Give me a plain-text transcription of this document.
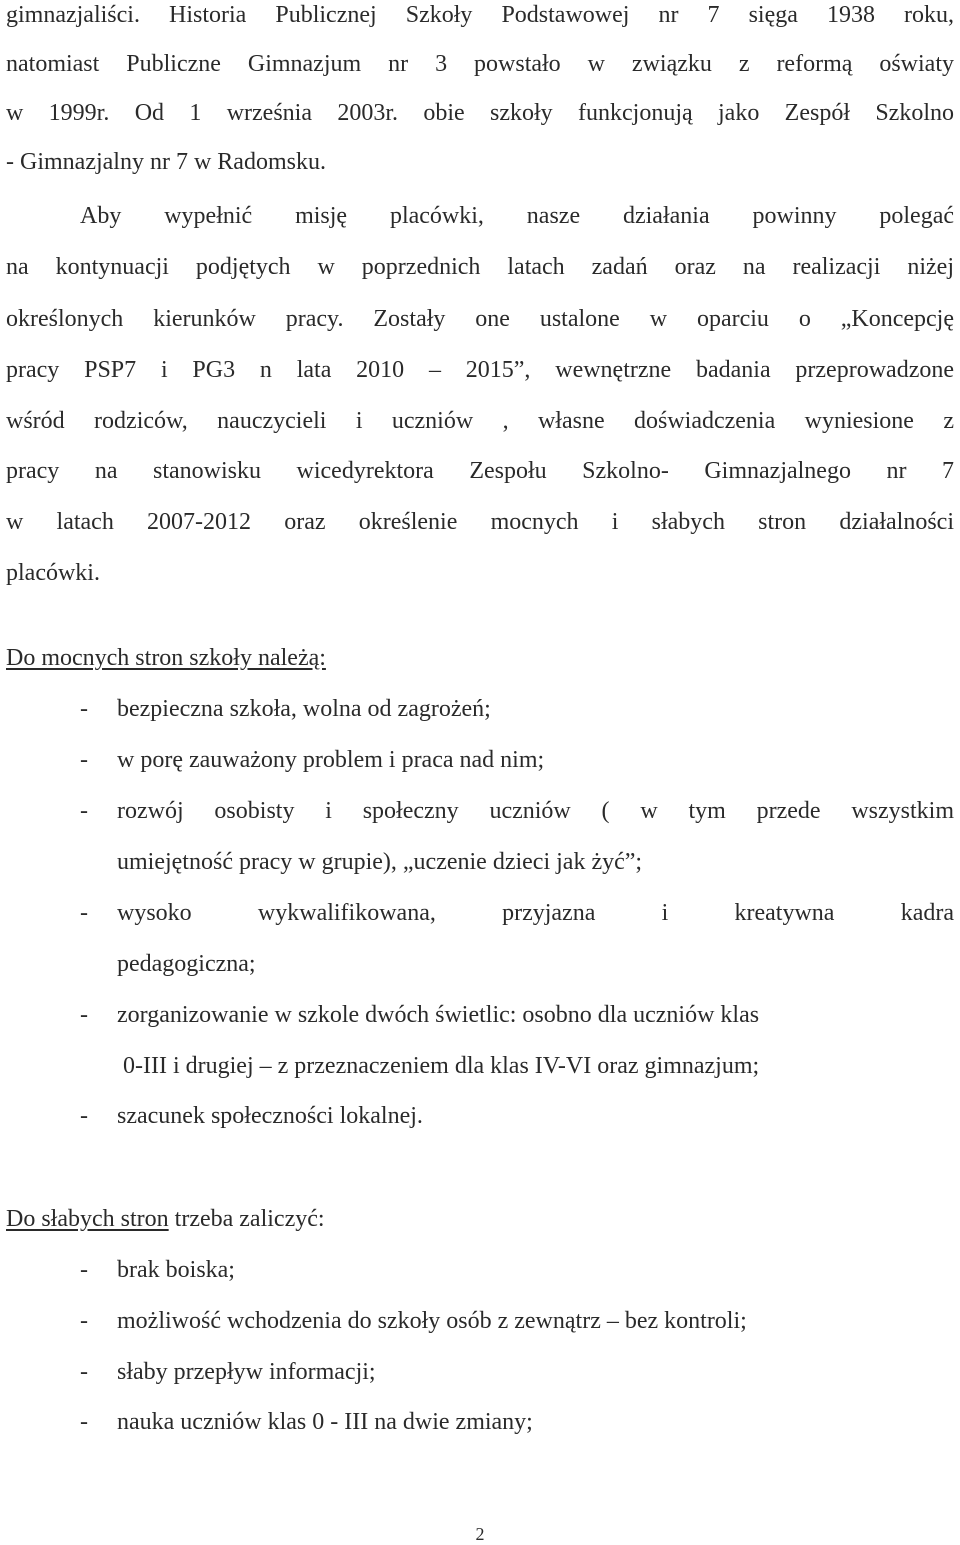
gimnazjaliści. Historia Publicznej Szkoły Podstawowej nr 7 sięga 1938 roku,
natomiast Publiczne Gimnazjum nr 3 powstało w związku z reformą oświaty
w 1999r. Od 1 września 2003r. obie szkoły funkcjonują jako Zespół Szkolno
- Gimnazjalny nr 7 w Radomsku.
Aby wypełnić misję placówki, nasze działania powinny polegać
na kontynuacji podjętych w poprzednich latach zadań oraz na realizacji niżej
określonych kierunków pracy. Zostały one ustalone w oparciu o „Koncepcję
pracy PSP7 i PG3 n lata 2010 – 2015”, wewnętrzne badania przeprowadzone
wśród rodziców, nauczycieli i uczniów , własne doświadczenia wyniesione z
pracy na stanowisku wicedyrektora Zespołu Szkolno- Gimnazjalnego nr 7
w latach 2007-2012 oraz określenie mocnych i słabych stron działalności
placówki.
Do mocnych stron szkoły należą:
- bezpieczna szkoła, wolna od zagrożeń;
- w porę zauważony problem i praca nad nim;
- rozwój osobisty i społeczny uczniów ( w tym przede wszystkim
umiejętność pracy w grupie), „uczenie dzieci jak żyć”;
- wysoko wykwalifikowana, przyjazna i kreatywna kadra
pedagogiczna;
- zorganizowanie w szkole dwóch świetlic: osobno dla uczniów klas
0-III i drugiej – z przeznaczeniem dla klas IV-VI oraz gimnazjum;
- szacunek społeczności lokalnej.
Do słabych stron trzeba zaliczyć:
- brak boiska;
- możliwość wchodzenia do szkoły osób z zewnątrz – bez kontroli;
- słaby przepływ informacji;
- nauka uczniów klas 0 - III na dwie zmiany;
2
